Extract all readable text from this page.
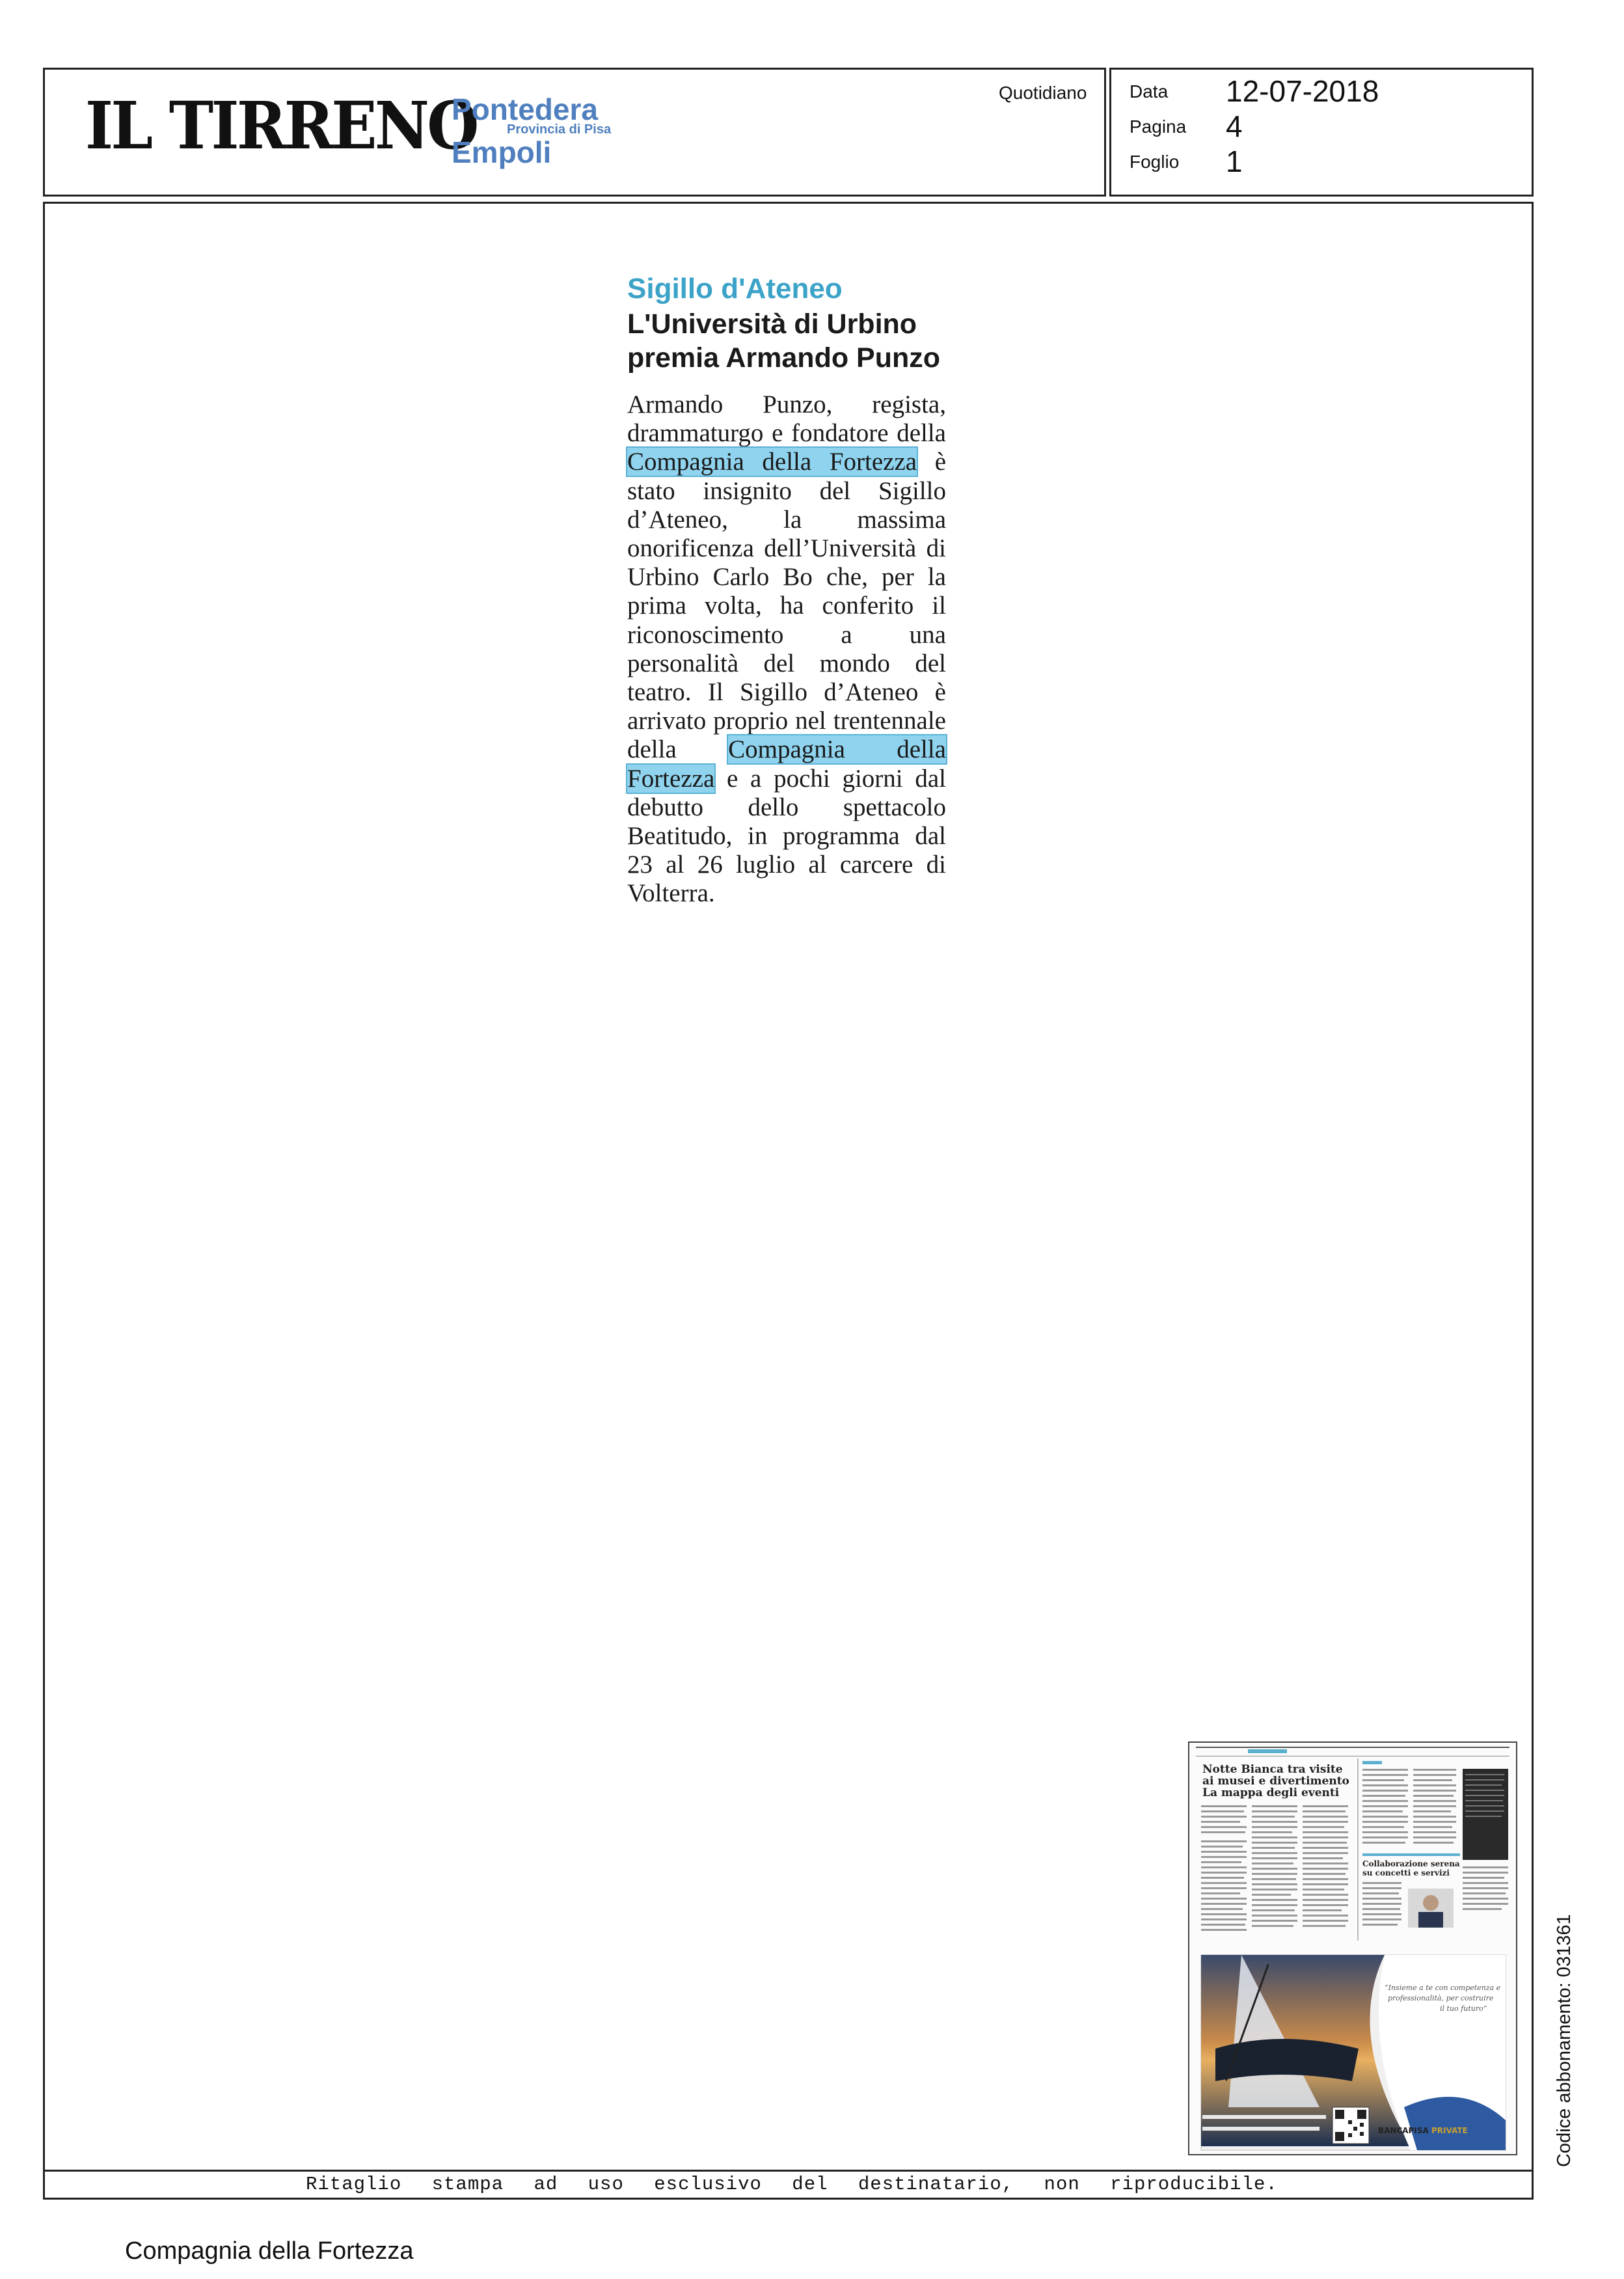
IL TIRRENO
Pontedera
Provincia di Pisa
Empoli
Quotidiano Data 12-07-2018
Pagina 4
Foglio 1
Sigillo d'Ateneo
L'Università di Urbino premia Armando Punzo
Armando Punzo, regista, drammaturgo e fondatore della Compagnia della Fortezza è stato insignito del Sigillo d’Ateneo, la massima onorificenza dell’Università di Urbino Carlo Bo che, per la prima volta, ha conferito il riconoscimento a una personalità del mondo del teatro. Il Sigillo d’Ateneo è arrivato proprio nel trentennale della Compagnia della Fortezza e a pochi giorni dal debutto dello spettacolo Beatitudo, in programma dal 23 al 26 luglio al carcere di Volterra.
Notte Bianca tra visite
ai musei e divertimento
La mappa degli eventi
Collaborazione serena
su concetti e servizi
“Insieme a te con competenza e
professionalità, per costruire
il tuo futuro”
BANCAPISA PRIVATE
Ritaglio stampa ad uso esclusivo del destinatario, non riproducibile.
Codice abbonamento: 031361
Compagnia della Fortezza
